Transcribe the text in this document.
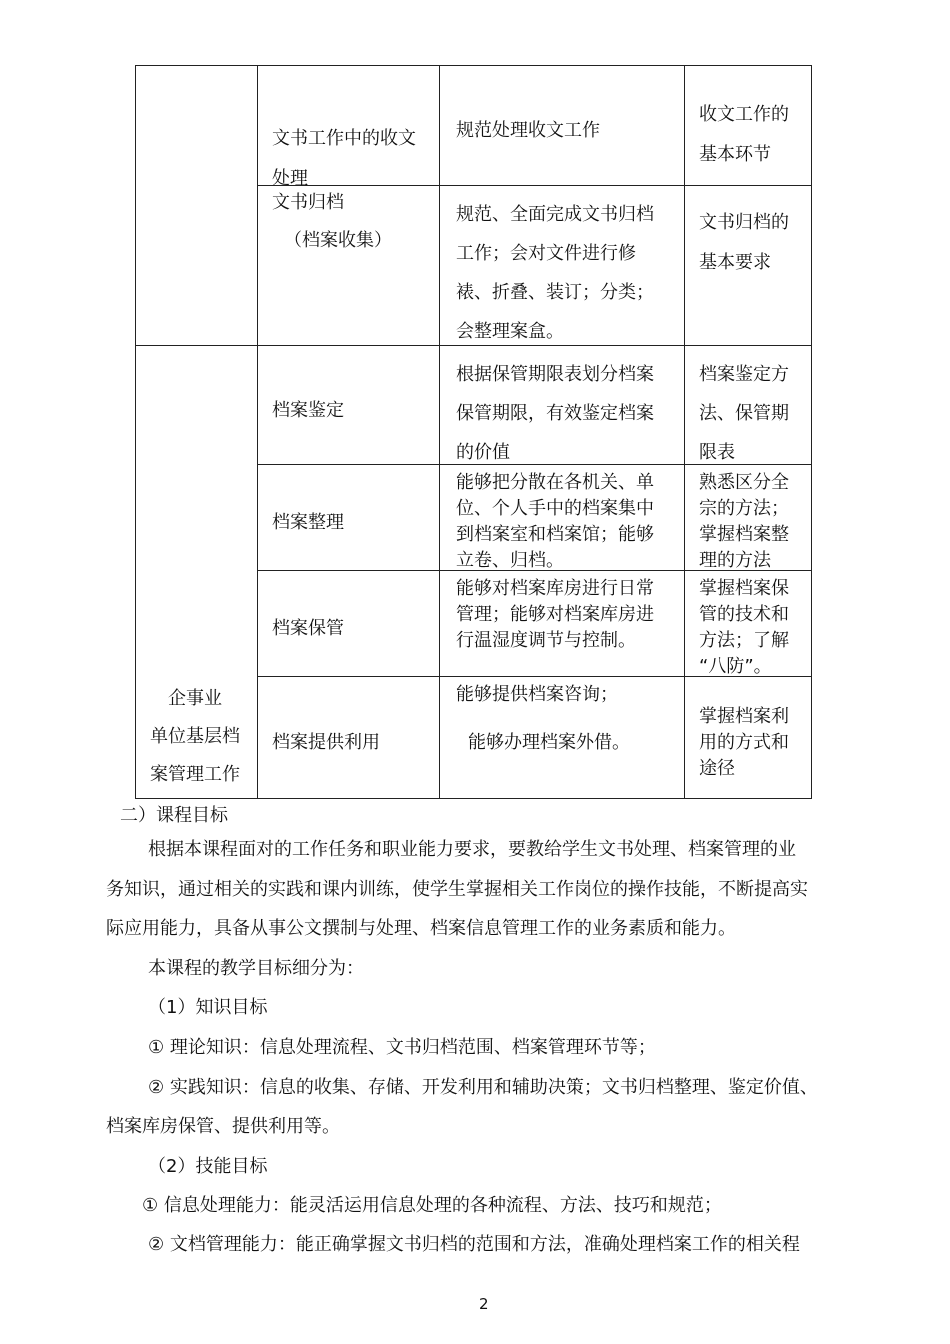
文书工作中的收文
处理
规范处理收文工作
收文工作的
基本环节
文书归档
（档案收集）
规范、全面完成文书归档
工作；会对文件进行修
裱、折叠、装订；分类；
会整理案盒。
文书归档的
基本要求
档案鉴定
根据保管期限表划分档案
保管期限，有效鉴定档案
的价值
档案鉴定方
法、保管期
限表
档案整理
能够把分散在各机关、单
位、个人手中的档案集中
到档案室和档案馆；能够
立卷、归档。
熟悉区分全
宗的方法；
掌握档案整
理的方法
档案保管
能够对档案库房进行日常
管理；能够对档案库房进
行温湿度调节与控制。
掌握档案保
管的技术和
方法；了解
“八防”。
档案提供利用
能够提供档案咨询；
能够办理档案外借。
掌握档案利
用的方式和
途径
企事业
单位基层档
案管理工作
二）课程目标
根据本课程面对的工作任务和职业能力要求，要教给学生文书处理、档案管理的业
务知识，通过相关的实践和课内训练，使学生掌握相关工作岗位的操作技能，不断提高实
际应用能力，具备从事公文撰制与处理、档案信息管理工作的业务素质和能力。
本课程的教学目标细分为：
（1）知识目标
① 理论知识：信息处理流程、文书归档范围、档案管理环节等；
② 实践知识：信息的收集、存储、开发利用和辅助决策；文书归档整理、鉴定价值、
档案库房保管、提供利用等。
（2）技能目标
① 信息处理能力：能灵活运用信息处理的各种流程、方法、技巧和规范；
② 文档管理能力：能正确掌握文书归档的范围和方法，准确处理档案工作的相关程
2
